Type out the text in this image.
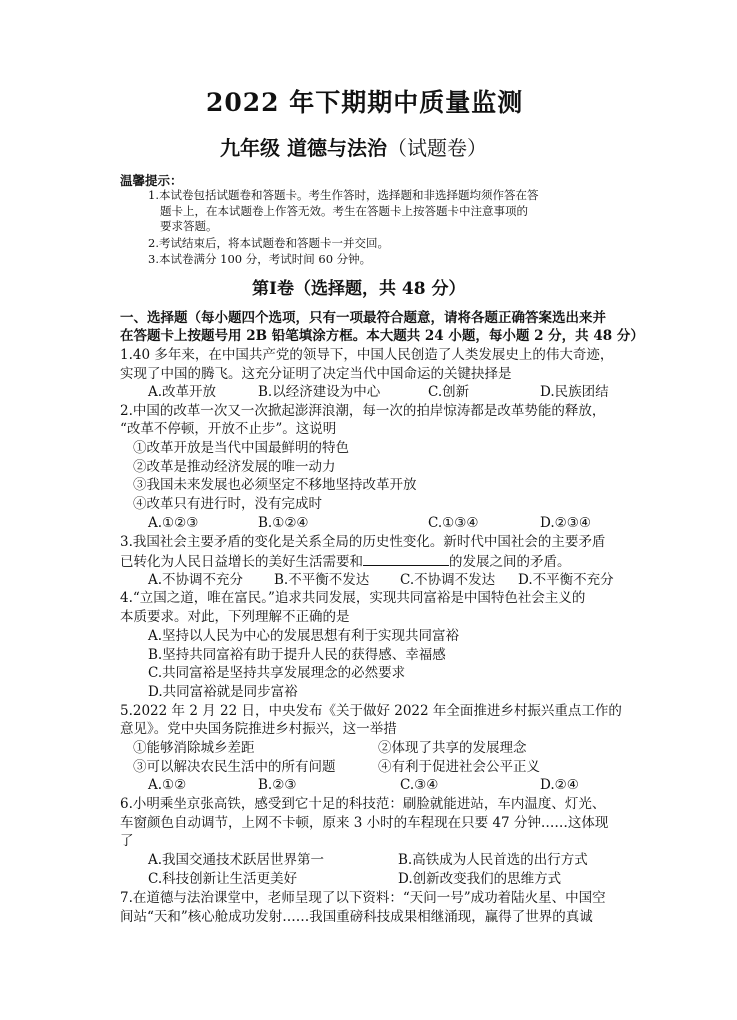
2022 年下期期中质量监测
九年级 道德与法治（试题卷）
温馨提示：
1.本试卷包括试题卷和答题卡。考生作答时，选择题和非选择题均须作答在答
题卡上，在本试题卷上作答无效。考生在答题卡上按答题卡中注意事项的
要求答题。
2.考试结束后，将本试题卷和答题卡一并交回。
3.本试卷满分 100 分，考试时间 60 分钟。
第Ⅰ卷（选择题，共 48 分）
一、选择题（每小题四个选项，只有一项最符合题意，请将各题正确答案选出来并
在答题卡上按题号用 2B 铅笔填涂方框。本大题共 24 小题，每小题 2 分，共 48 分）
1.40 多年来，在中国共产党的领导下，中国人民创造了人类发展史上的伟大奇迹，
实现了中国的腾飞。这充分证明了决定当代中国命运的关键抉择是
A.改革开放	B.以经济建设为中心	C.创新	D.民族团结
2.中国的改革一次又一次掀起澎湃浪潮，每一次的拍岸惊涛都是改革势能的释放，
“改革不停顿，开放不止步”。这说明
①改革开放是当代中国最鲜明的特色
②改革是推动经济发展的唯一动力
③我国未来发展也必须坚定不移地坚持改革开放
④改革只有进行时，没有完成时
A.①②③	B.①②④	C.①③④	D.②③④
3.我国社会主要矛盾的变化是关系全局的历史性变化。新时代中国社会的主要矛盾
已转化为人民日益增长的美好生活需要和	的发展之间的矛盾。
A.不协调不充分 B.不平衡不发达 C.不协调不发达 D.不平衡不充分
4.“立国之道，唯在富民。”追求共同发展，实现共同富裕是中国特色社会主义的
本质要求。对此，下列理解不正确的是
A.坚持以人民为中心的发展思想有利于实现共同富裕
B.坚持共同富裕有助于提升人民的获得感、幸福感
C.共同富裕是坚持共享发展理念的必然要求
D.共同富裕就是同步富裕
5.2022 年 2 月 22 日，中央发布《关于做好 2022 年全面推进乡村振兴重点工作的
意见》。党中央国务院推进乡村振兴，这一举措
①能够消除城乡差距	②体现了共享的发展理念
③可以解决农民生活中的所有问题	④有利于促进社会公平正义
A.①②	B.②③	C.③④	D.②④
6.小明乘坐京张高铁，感受到它十足的科技范：刷脸就能进站，车内温度、灯光、
车窗颜色自动调节，上网不卡顿，原来 3 小时的车程现在只要 47 分钟……这体现
了
A.我国交通技术跃居世界第一	B.高铁成为人民首选的出行方式
C.科技创新让生活更美好	D.创新改变我们的思维方式
7.在道德与法治课堂中，老师呈现了以下资料：“天问一号”成功着陆火星、中国空
间站“天和”核心舱成功发射……我国重磅科技成果相继涌现，赢得了世界的真诚
